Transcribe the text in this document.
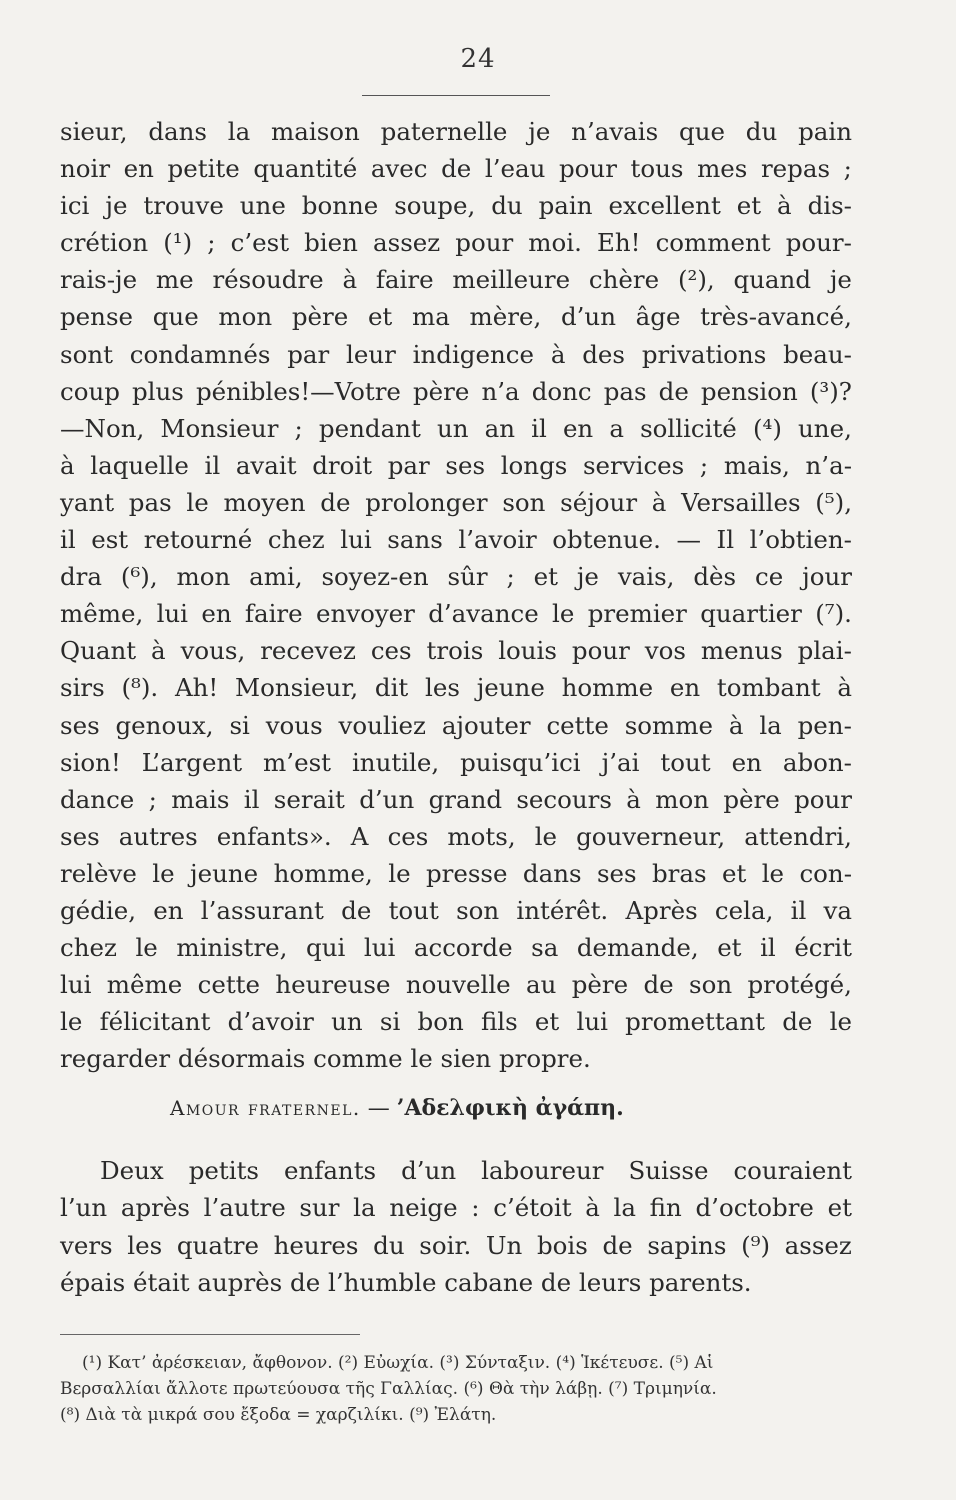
24
sieur, dans la maison paternelle je n’avais que du pain
noir en petite quantité avec de l’eau pour tous mes repas ;
ici je trouve une bonne soupe, du pain excellent et à dis-
crétion (¹) ; c’est bien assez pour moi. Eh! comment pour-
rais-je me résoudre à faire meilleure chère (²), quand je
pense que mon père et ma mère, d’un âge très-avancé,
sont condamnés par leur indigence à des privations beau-
coup plus pénibles!—Votre père n’a donc pas de pension (³)?
—Non, Monsieur ; pendant un an il en a sollicité (⁴) une,
à laquelle il avait droit par ses longs services ; mais, n’a-
yant pas le moyen de prolonger son séjour à Versailles (⁵),
il est retourné chez lui sans l’avoir obtenue. — Il l’obtien-
dra (⁶), mon ami, soyez-en sûr ; et je vais, dès ce jour
même, lui en faire envoyer d’avance le premier quartier (⁷).
Quant à vous, recevez ces trois louis pour vos menus plai-
sirs (⁸). Ah! Monsieur, dit les jeune homme en tombant à
ses genoux, si vous vouliez ajouter cette somme à la pen-
sion! L’argent m’est inutile, puisqu’ici j’ai tout en abon-
dance ; mais il serait d’un grand secours à mon père pour
ses autres enfants». A ces mots, le gouverneur, attendri,
relève le jeune homme, le presse dans ses bras et le con-
gédie, en l’assurant de tout son intérêt. Après cela, il va
chez le ministre, qui lui accorde sa demande, et il écrit
lui même cette heureuse nouvelle au père de son protégé,
le félicitant d’avoir un si bon fils et lui promettant de le
regarder désormais comme le sien propre.
Amour fraternel. — ’Αδελφικὴ ἀγάπη.
Deux petits enfants d’un laboureur Suisse couraient
l’un après l’autre sur la neige : c’étoit à la fin d’octobre et
vers les quatre heures du soir. Un bois de sapins (⁹) assez
épais était auprès de l’humble cabane de leurs parents.
(¹) Κατ’ ἀρέσκειαν, ἄφθονον. (²) Εὐωχία. (³) Σύνταξιν. (⁴) Ἱκέτευσε. (⁵) Αἱ
Βερσαλλίαι ἄλλοτε πρωτεύουσα τῆς Γαλλίας. (⁶) Θὰ τὴν λάβῃ. (⁷) Τριμηνία.
(⁸) Διὰ τὰ μικρά σου ἔξοδα = χαρζιλίκι. (⁹) Ἐλάτη.
